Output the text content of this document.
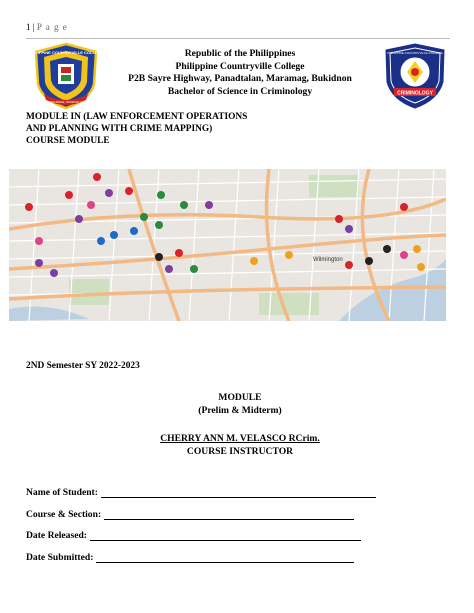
1 | P a g e
PHILIPPINE COUNTRYVILLE COLLEGE
KNOWLEDGE, WISDOM, WAY
Republic of the Philippines
Philippine Countryville College
P2B Sayre Highway, Panadtalan, Maramag, Bukidnon
Bachelor of Science in Criminology	CRIMINOLOGY
PHILIPPINE COUNTRYVILLE COLLEGE
MODULE IN (LAW ENFORCEMENT OPERATIONS
AND PLANNING WITH CRIME MAPPING)
COURSE MODULE
Wilmington
2ND Semester SY 2022-2023
MODULE
(Prelim & Midterm)
CHERRY ANN M. VELASCO RCrim.
COURSE INSTRUCTOR
Name of Student:
Course & Section:
Date Released:
Date Submitted:
